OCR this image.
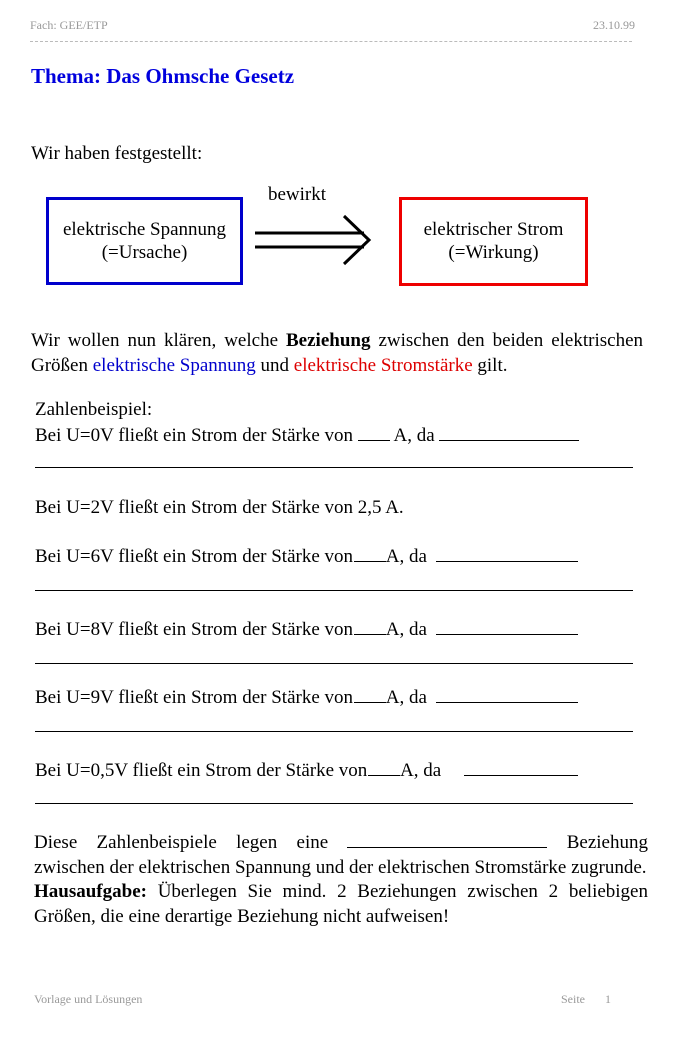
Fach: GEE/ETP	23.10.99
Thema: Das Ohmsche Gesetz
Wir haben festgestellt:
elektrische Spannung
(=Ursache)
bewirkt
elektrischer Strom
(=Wirkung)
Wir wollen nun klären, welche Beziehung zwischen den beiden elektrischen Größen elektrische Spannung und elektrische Stromstärke gilt.
Zahlenbeispiel:
Bei U=0V fließt ein Strom der Stärke von A, da
Bei U=2V fließt ein Strom der Stärke von 2,5 A.
Bei U=6V fließt ein Strom der Stärke von A, da
Bei U=8V fließt ein Strom der Stärke von A, da
Bei U=9V fließt ein Strom der Stärke von A, da
Bei U=0,5V fließt ein Strom der Stärke von A, da
Diese Zahlenbeispiele legen eine	Beziehung zwischen der elektrischen Spannung und der elektrischen Stromstärke zugrunde.
Hausaufgabe: Überlegen Sie mind. 2 Beziehungen zwischen 2 beliebigen Größen, die eine derartige Beziehung nicht aufweisen!
Vorlage und Lösungen	Seite 1
